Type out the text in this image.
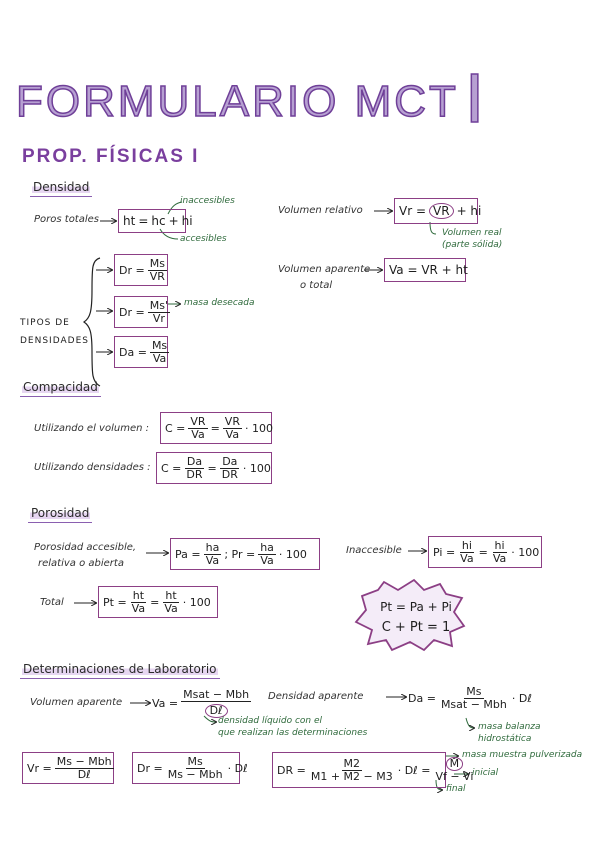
FORMULARIO MCTI
PROP. FÍSICAS I
Densidad
Poros totales ht = hc + hi
inaccesibles
accesibles
TIPOS DE
DENSIDADES
$Dr = \frac{Ms}{VR}$
$Dr = \frac{Ms'}{Vr}$ masa desecada
$Da = \frac{Ms}{Va}$
Volumen relativo	Vr = VR + hi
Volumen real
(parte sólida)
Volumen aparente
o total
Va = VR + ht
Compacidad
Utilizando el volumen : $C = \frac{VR}{Va} = \frac{VR}{Va} \cdot 100$
Utilizando densidades : $C = \frac{Da}{DR} = \frac{Da}{DR} \cdot 100$
Porosidad
Porosidad accesible,
relativa o abierta
$Pa = \frac{ha}{Va}$ ; $Pr = \frac{ha}{Va} \cdot 100$	Inaccesible	$Pi = \frac{hi}{Va} = \frac{hi}{Va} \cdot 100$
Total	$Pt = \frac{ht}{Va} = \frac{ht}{Va} \cdot 100$	Pt = Pa + Pi
C + Pt = 1
Determinaciones de Laboratorio
Volumen aparente	$Va = \frac{\text{Msat − Mbh}}{\text{Dℓ}}$
densidad líquido con el
que realizan las determinaciones
Densidad aparente	$Da = \frac{Ms}{\text{Msat − Mbh}}$ · Dℓ
masa balanza
hidrostática
$Vr = \frac{\text{Ms − Mbh}}{\text{Dℓ}}$ $Dr = \frac{Ms}{\text{Ms − Mbh}}$ · Dℓ	DR = $\frac{M2}{M1 + M2 - M3}$ · Dℓ = $\frac{M}{Vf - Vi}$
masa muestra pulverizada
inicial
final
